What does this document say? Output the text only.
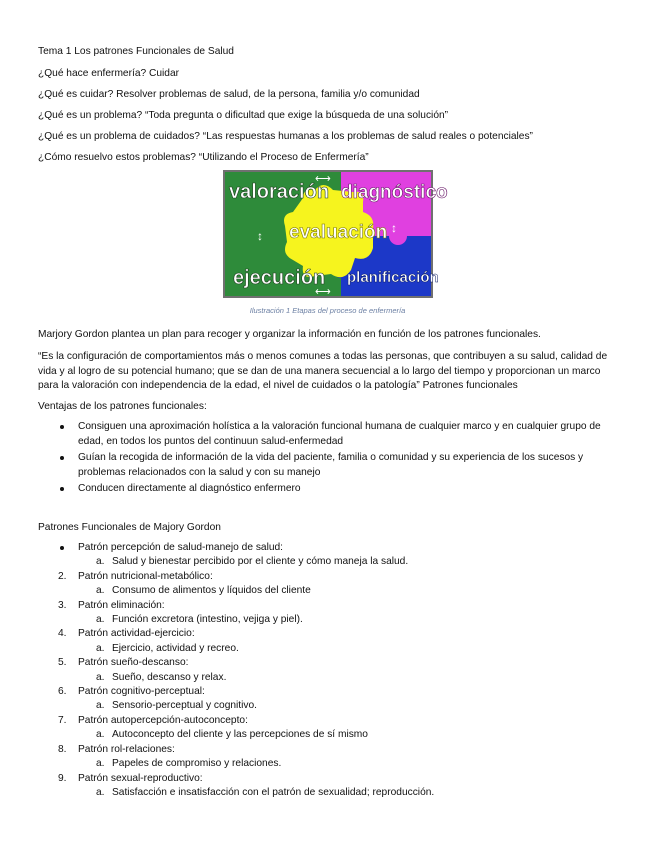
Tema 1 Los patrones Funcionales de Salud
¿Qué hace enfermería? Cuidar
¿Qué es cuidar? Resolver problemas de salud, de la persona, familia y/o comunidad
¿Qué es un problema? “Toda pregunta o dificultad que exige la búsqueda de una solución”
¿Qué es un problema de cuidados? “Las respuestas humanas a los problemas de salud reales o potenciales”
¿Cómo resuelvo estos problemas? “Utilizando el Proceso de Enfermería”
⟷
↕
↕
⟷
valoración diagnóstico
evaluación
ejecución planificación
Ilustración 1 Etapas del proceso de enfermería
Marjory Gordon plantea un plan para recoger y organizar la información en función de los patrones funcionales.
“Es la configuración de comportamientos más o menos comunes a todas las personas, que contribuyen a su salud, calidad de vida y al logro de su potencial humano; que se dan de una manera secuencial a lo largo del tiempo y proporcionan un marco para la valoración con independencia de la edad, el nivel de cuidados o la patología” Patrones funcionales
Ventajas de los patrones funcionales:
Consiguen una aproximación holística a la valoración funcional humana de cualquier marco y en cualquier grupo de edad, en todos los puntos del continuun salud-enfermedad
Guían la recogida de información de la vida del paciente, familia o comunidad y su experiencia de los sucesos y problemas relacionados con la salud y con su manejo
Conducen directamente al diagnóstico enfermero
Patrones Funcionales de Majory Gordon
Patrón percepción de salud-manejo de salud:
a. Salud y bienestar percibido por el cliente y cómo maneja la salud.
2. Patrón nutricional-metabólico:
a. Consumo de alimentos y líquidos del cliente
3. Patrón eliminación:
a. Función excretora (intestino, vejiga y piel).
4. Patrón actividad-ejercicio:
a. Ejercicio, actividad y recreo.
5. Patrón sueño-descanso:
a. Sueño, descanso y relax.
6. Patrón cognitivo-perceptual:
a. Sensorio-perceptual y cognitivo.
7. Patrón autopercepción-autoconcepto:
a. Autoconcepto del cliente y las percepciones de sí mismo
8. Patrón rol-relaciones:
a. Papeles de compromiso y relaciones.
9. Patrón sexual-reproductivo:
a. Satisfacción e insatisfacción con el patrón de sexualidad; reproducción.
